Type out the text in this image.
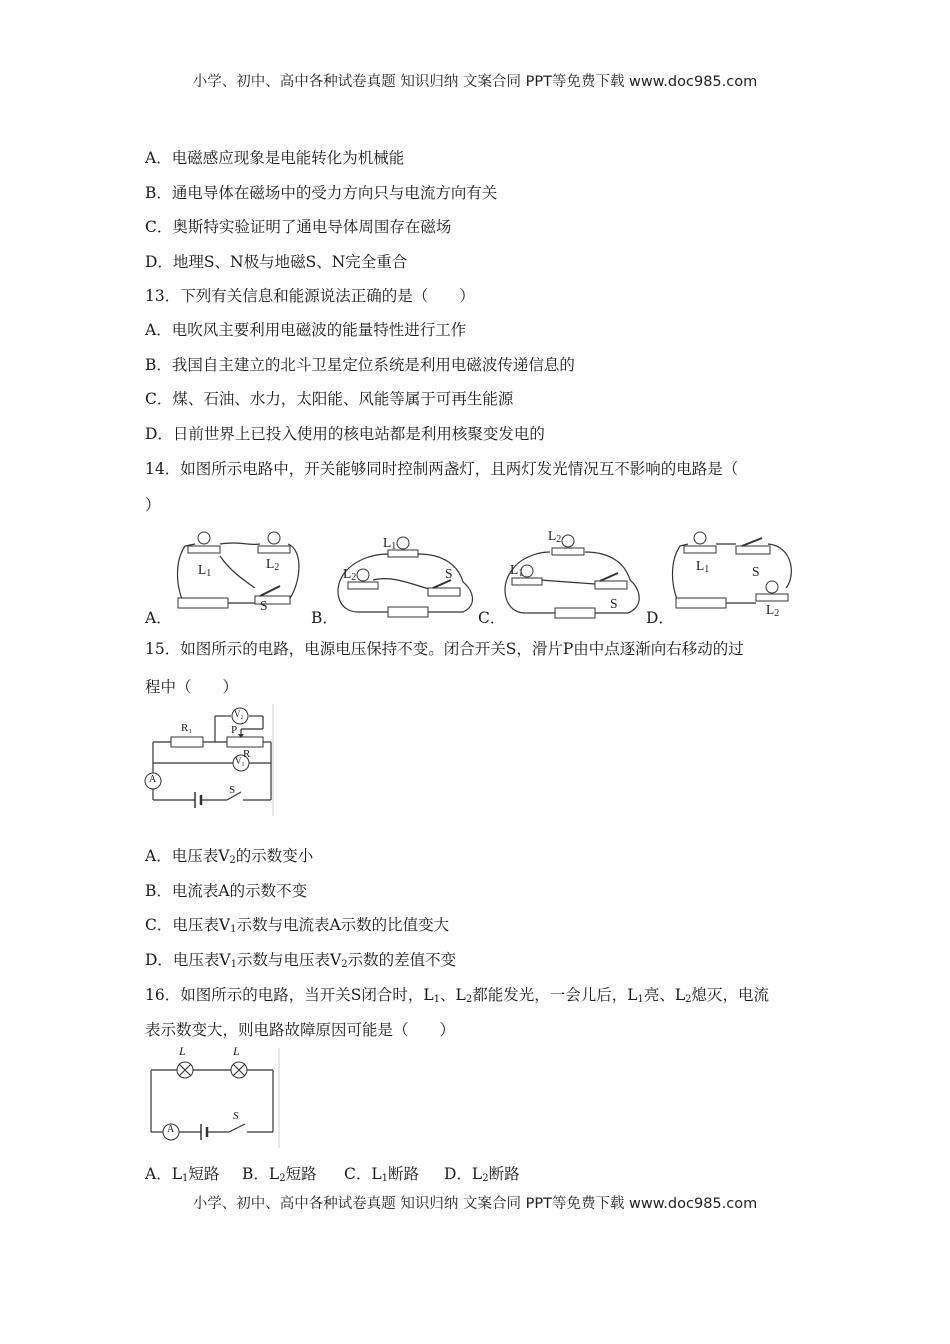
小学、初中、高中各种试卷真题 知识归纳 文案合同 PPT等免费下载 www.doc985.com
A．电磁感应现象是电能转化为机械能
B．通电导体在磁场中的受力方向只与电流方向有关
C．奥斯特实验证明了通电导体周围存在磁场
D．地理S、N极与地磁S、N完全重合
13．下列有关信息和能源说法正确的是（　　）
A．电吹风主要利用电磁波的能量特性进行工作
B．我国自主建立的北斗卫星定位系统是利用电磁波传递信息的
C．煤、石油、水力，太阳能、风能等属于可再生能源
D．日前世界上已投入使用的核电站都是利用核聚变发电的
14．如图所示电路中，开关能够同时控制两盏灯，且两灯发光情况互不影响的电路是（
）
A．	B．	C．	D．
$L_1$
$L_2$
S
$L_1$
$L_2$	S
$L_2$
$L_1$
S
$L_1$	S
$L_2$
15．如图所示的电路，电源电压保持不变。闭合开关S，滑片P由中点逐渐向右移动的过
程中（　　）
R₁	P
R
V₂
V₁
A
S
A．电压表$V_2$的示数变小
B．电流表A的示数不变
C．电压表$V_1$示数与电流表A示数的比值变大
D．电压表$V_1$示数与电压表$V_2$示数的差值不变
16．如图所示的电路，当开关S闭合时，$L_1$、$L_2$都能发光，一会儿后，$L_1$亮、$L_2$熄灭，电流
表示数变大，则电路故障原因可能是（　　）
L	L
S
A
A．$L_1$短路 B．$L_2$短路 C．$L_1$断路 D．$L_2$断路
小学、初中、高中各种试卷真题 知识归纳 文案合同 PPT等免费下载 www.doc985.com
